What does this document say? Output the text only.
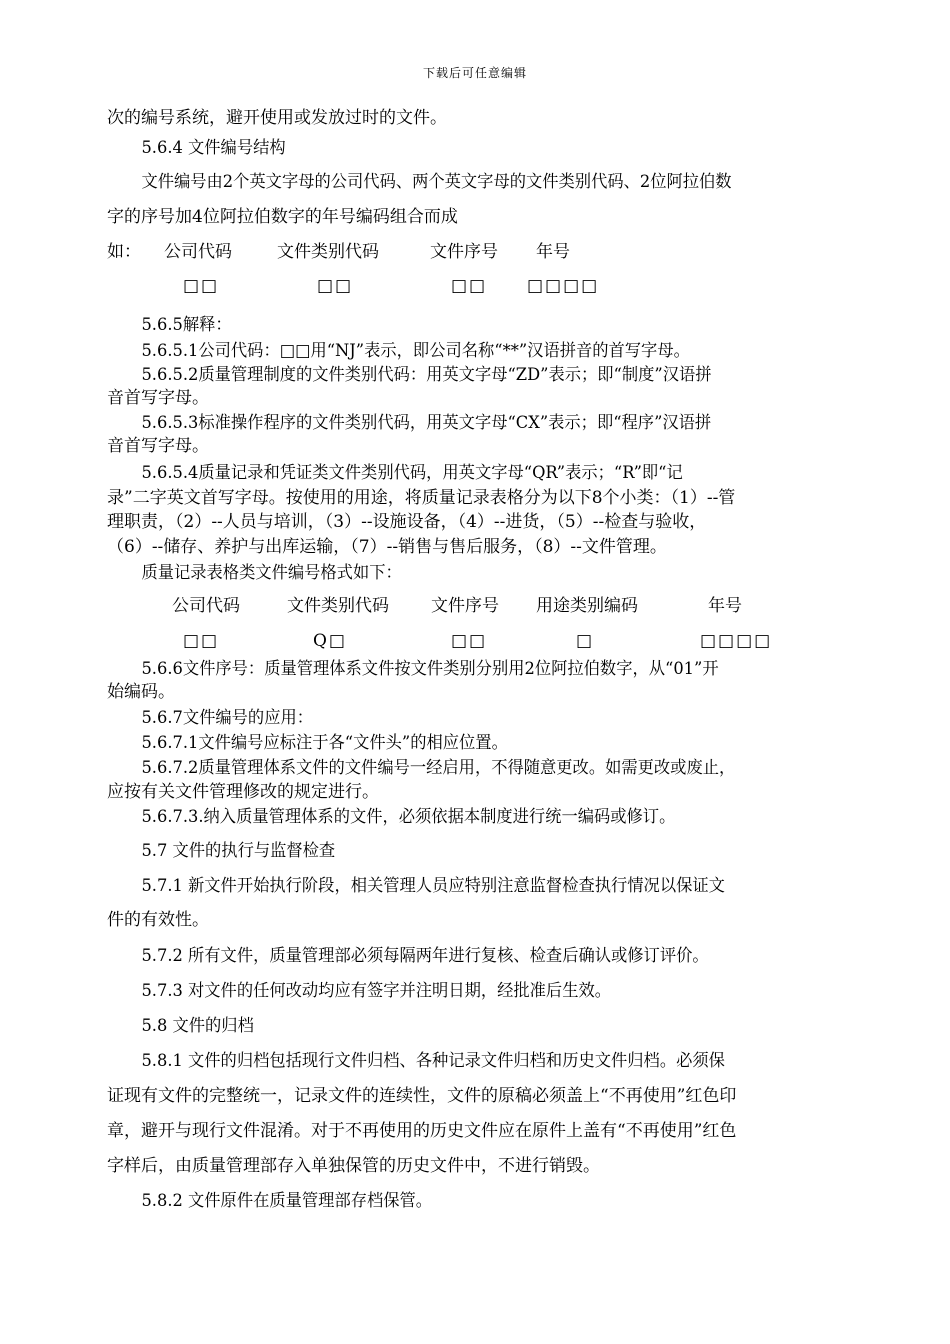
下载后可任意编辑
次的编号系统，避开使用或发放过时的文件。
5.6.4 文件编号结构
文件编号由2个英文字母的公司代码、两个英文字母的文件类别代码、2位阿拉伯数
字的序号加4位阿拉伯数字的年号编码组合而成
如： 公司代码	文件类别代码	文件序号 年号
□□	□□	□□ □□□□
5.6.5解释：
5.6.5.1公司代码：□□用“NJ”表示，即公司名称“**”汉语拼音的首写字母。
5.6.5.2质量管理制度的文件类别代码：用英文字母“ZD”表示；即“制度”汉语拼
音首写字母。
5.6.5.3标准操作程序的文件类别代码，用英文字母“CX”表示；即“程序”汉语拼
音首写字母。
5.6.5.4质量记录和凭证类文件类别代码，用英文字母“QR”表示；“R”即“记
录”二字英文首写字母。按使用的用途，将质量记录表格分为以下8个小类：（1）--管
理职责，（2）--人员与培训，（3）--设施设备，（4）--进货，（5）--检查与验收，
（6）--储存、养护与出库运输，（7）--销售与售后服务，（8）--文件管理。
质量记录表格类文件编号格式如下：
公司代码	文件类别代码 文件序号 用途类别编码	年号
□□	Q□	□□	□	□□□□
5.6.6文件序号：质量管理体系文件按文件类别分别用2位阿拉伯数字，从“01”开
始编码。
5.6.7文件编号的应用：
5.6.7.1文件编号应标注于各“文件头”的相应位置。
5.6.7.2质量管理体系文件的文件编号一经启用，不得随意更改。如需更改或废止，
应按有关文件管理修改的规定进行。
5.6.7.3.纳入质量管理体系的文件，必须依据本制度进行统一编码或修订。
5.7 文件的执行与监督检查
5.7.1 新文件开始执行阶段，相关管理人员应特别注意监督检查执行情况以保证文
件的有效性。
5.7.2 所有文件，质量管理部必须每隔两年进行复核、检查后确认或修订评价。
5.7.3 对文件的任何改动均应有签字并注明日期，经批准后生效。
5.8 文件的归档
5.8.1 文件的归档包括现行文件归档、各种记录文件归档和历史文件归档。必须保
证现有文件的完整统一，记录文件的连续性，文件的原稿必须盖上“不再使用”红色印
章，避开与现行文件混淆。对于不再使用的历史文件应在原件上盖有“不再使用”红色
字样后，由质量管理部存入单独保管的历史文件中，不进行销毁。
5.8.2 文件原件在质量管理部存档保管。
